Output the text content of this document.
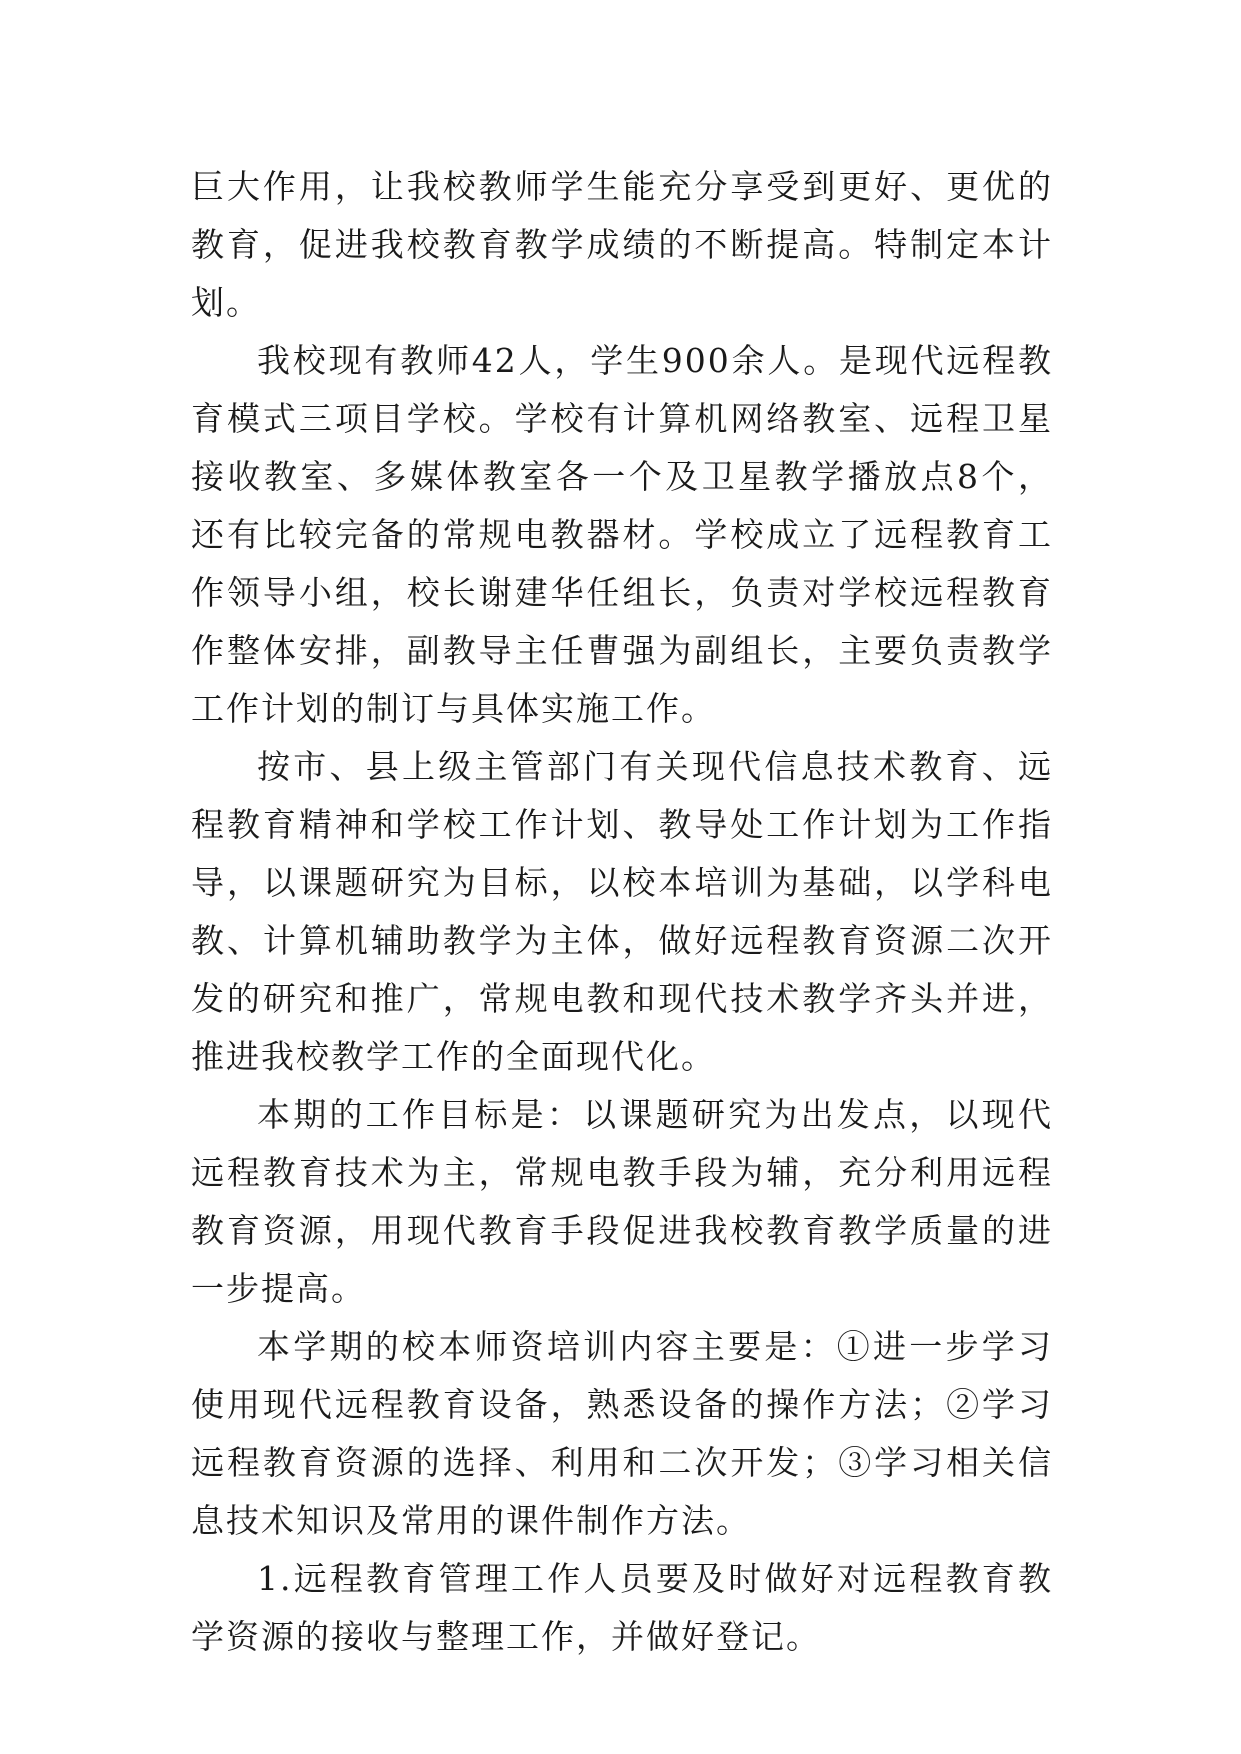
巨大作用，让我校教师学生能充分享受到更好、更优的教育，促进我校教育教学成绩的不断提高。特制定本计划。

我校现有教师42人，学生900余人。是现代远程教育模式三项目学校。学校有计算机网络教室、远程卫星接收教室、多媒体教室各一个及卫星教学播放点8个，还有比较完备的常规电教器材。学校成立了远程教育工作领导小组，校长谢建华任组长，负责对学校远程教育作整体安排，副教导主任曹强为副组长，主要负责教学工作计划的制订与具体实施工作。

按市、县上级主管部门有关现代信息技术教育、远程教育精神和学校工作计划、教导处工作计划为工作指导，以课题研究为目标，以校本培训为基础，以学科电教、计算机辅助教学为主体，做好远程教育资源二次开发的研究和推广，常规电教和现代技术教学齐头并进，推进我校教学工作的全面现代化。

本期的工作目标是：以课题研究为出发点，以现代远程教育技术为主，常规电教手段为辅，充分利用远程教育资源，用现代教育手段促进我校教育教学质量的进一步提高。

本学期的校本师资培训内容主要是：①进一步学习使用现代远程教育设备，熟悉设备的操作方法；②学习远程教育资源的选择、利用和二次开发；③学习相关信息技术知识及常用的课件制作方法。

1.远程教育管理工作人员要及时做好对远程教育教学资源的接收与整理工作，并做好登记。
